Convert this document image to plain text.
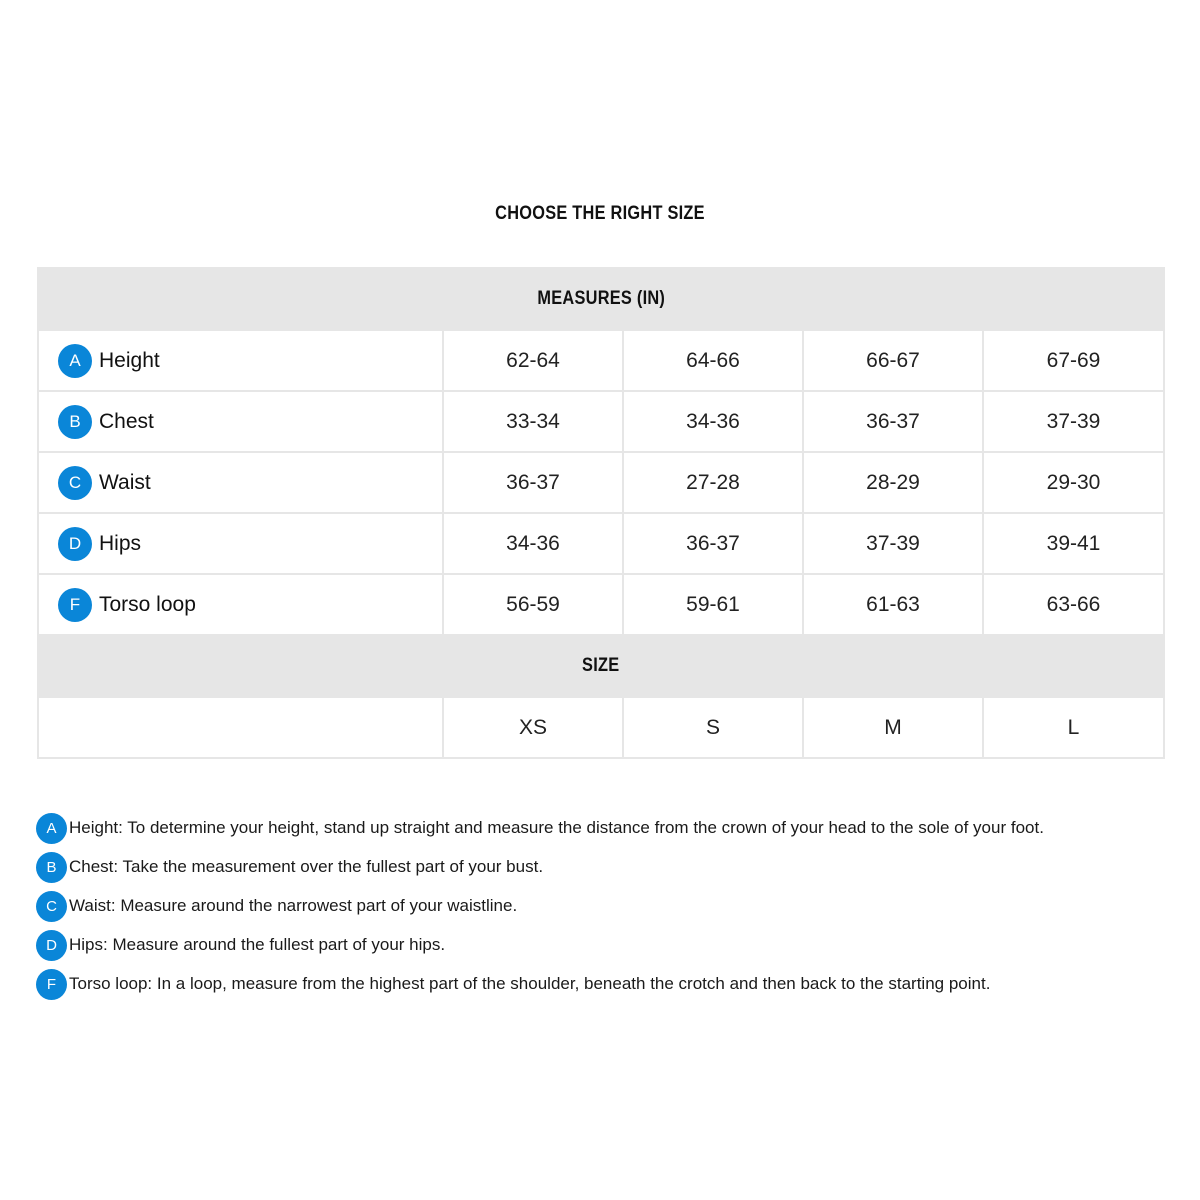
CHOOSE THE RIGHT SIZE
MEASURES (IN)				

A Height	62-64	64-66	66-67	67-69

B Chest	33-34	34-36	36-37	37-39

C Waist	36-37	27-28	28-29	29-30

D Hips	34-36	36-37	37-39	39-41

F Torso loop	56-59	59-61	61-63	63-66
SIZE				
	XS	S	M	L
A Height: To determine your height, stand up straight and measure the distance from the crown of your head to the sole of your foot.
B Chest: Take the measurement over the fullest part of your bust.
C Waist: Measure around the narrowest part of your waistline.
D Hips: Measure around the fullest part of your hips.
F Torso loop: In a loop, measure from the highest part of the shoulder, beneath the crotch and then back to the starting point.
